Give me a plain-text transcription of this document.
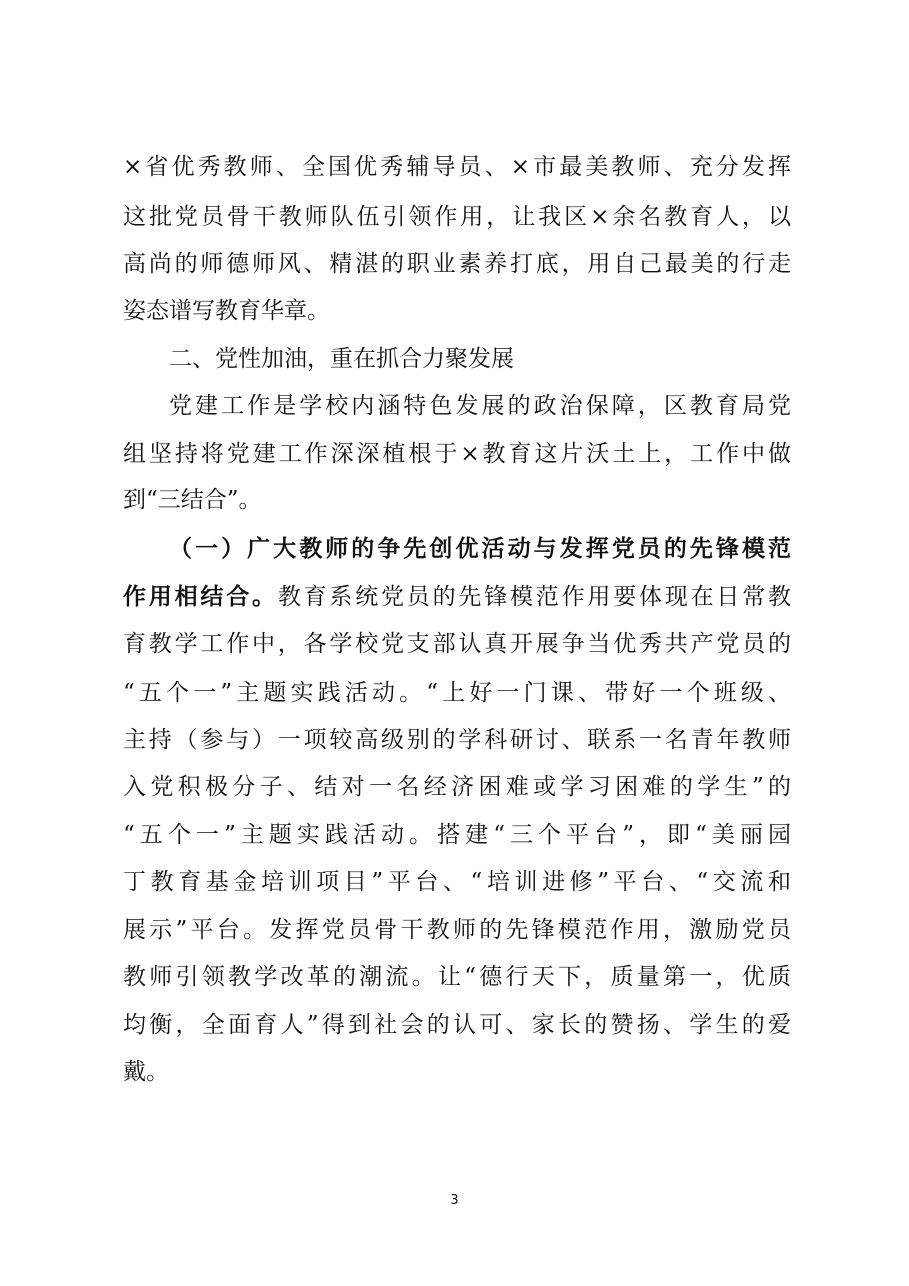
×省优秀教师、全国优秀辅导员、×市最美教师、充分发挥
这批党员骨干教师队伍引领作用，让我区×余名教育人，以
高尚的师德师风、精湛的职业素养打底，用自己最美的行走
姿态谱写教育华章。
二、党性加油，重在抓合力聚发展
党建工作是学校内涵特色发展的政治保障，区教育局党
组坚持将党建工作深深植根于×教育这片沃土上，工作中做
到“三结合”。
（一）广大教师的争先创优活动与发挥党员的先锋模范
作用相结合。教育系统党员的先锋模范作用要体现在日常教
育教学工作中，各学校党支部认真开展争当优秀共产党员的
“五个一”主题实践活动。“上好一门课、带好一个班级、
主持（参与）一项较高级别的学科研讨、联系一名青年教师
入党积极分子、结对一名经济困难或学习困难的学生”的
“五个一”主题实践活动。搭建“三个平台”，即“美丽园
丁教育基金培训项目”平台、“培训进修”平台、“交流和
展示”平台。发挥党员骨干教师的先锋模范作用，激励党员
教师引领教学改革的潮流。让“德行天下，质量第一，优质
均衡，全面育人”得到社会的认可、家长的赞扬、学生的爱
戴。
3
